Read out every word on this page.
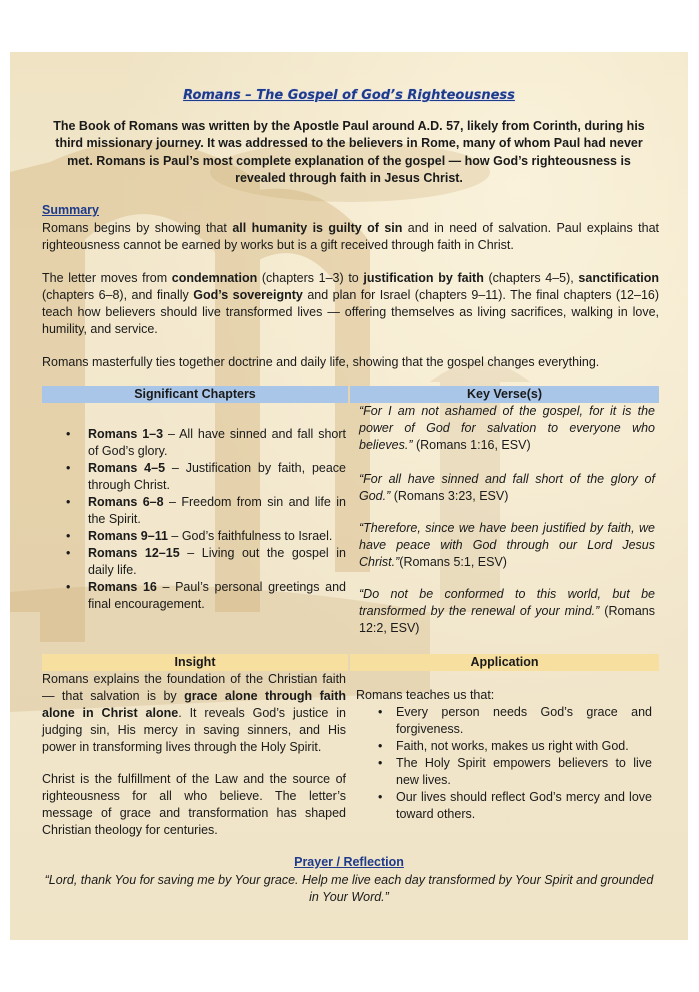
Romans – The Gospel of God’s Righteousness
The Book of Romans was written by the Apostle Paul around A.D. 57, likely from Corinth, during his third missionary journey. It was addressed to the believers in Rome, many of whom Paul had never met. Romans is Paul’s most complete explanation of the gospel — how God’s righteousness is revealed through faith in Jesus Christ.
Summary
Romans begins by showing that all humanity is guilty of sin and in need of salvation. Paul explains that righteousness cannot be earned by works but is a gift received through faith in Christ.
The letter moves from condemnation (chapters 1–3) to justification by faith (chapters 4–5), sanctification (chapters 6–8), and finally God’s sovereignty and plan for Israel (chapters 9–11). The final chapters (12–16) teach how believers should live transformed lives — offering themselves as living sacrifices, walking in love, humility, and service.
Romans masterfully ties together doctrine and daily life, showing that the gospel changes everything.
Significant Chapters	Key Verse(s)
• Romans 1–3 – All have sinned and fall short of God’s glory.
• Romans 4–5 – Justification by faith, peace through Christ.
• Romans 6–8 – Freedom from sin and life in the Spirit.
• Romans 9–11 – God’s faithfulness to Israel.
• Romans 12–15 – Living out the gospel in daily life.
• Romans 16 – Paul’s personal greetings and final encouragement.
“For I am not ashamed of the gospel, for it is the power of God for salvation to everyone who believes.” (Romans 1:16, ESV)
“For all have sinned and fall short of the glory of God.” (Romans 3:23, ESV)
“Therefore, since we have been justified by faith, we have peace with God through our Lord Jesus Christ.”(Romans 5:1, ESV)
“Do not be conformed to this world, but be transformed by the renewal of your mind.” (Romans 12:2, ESV)
Insight	Application
Romans explains the foundation of the Christian faith — that salvation is by grace alone through faith alone in Christ alone. It reveals God’s justice in judging sin, His mercy in saving sinners, and His power in transforming lives through the Holy Spirit.
Christ is the fulfillment of the Law and the source of righteousness for all who believe. The letter’s message of grace and transformation has shaped Christian theology for centuries.
Romans teaches us that:
• Every person needs God’s grace and forgiveness.
• Faith, not works, makes us right with God.
• The Holy Spirit empowers believers to live new lives.
• Our lives should reflect God’s mercy and love toward others.
Prayer / Reflection
“Lord, thank You for saving me by Your grace. Help me live each day transformed by Your Spirit and grounded in Your Word.”
